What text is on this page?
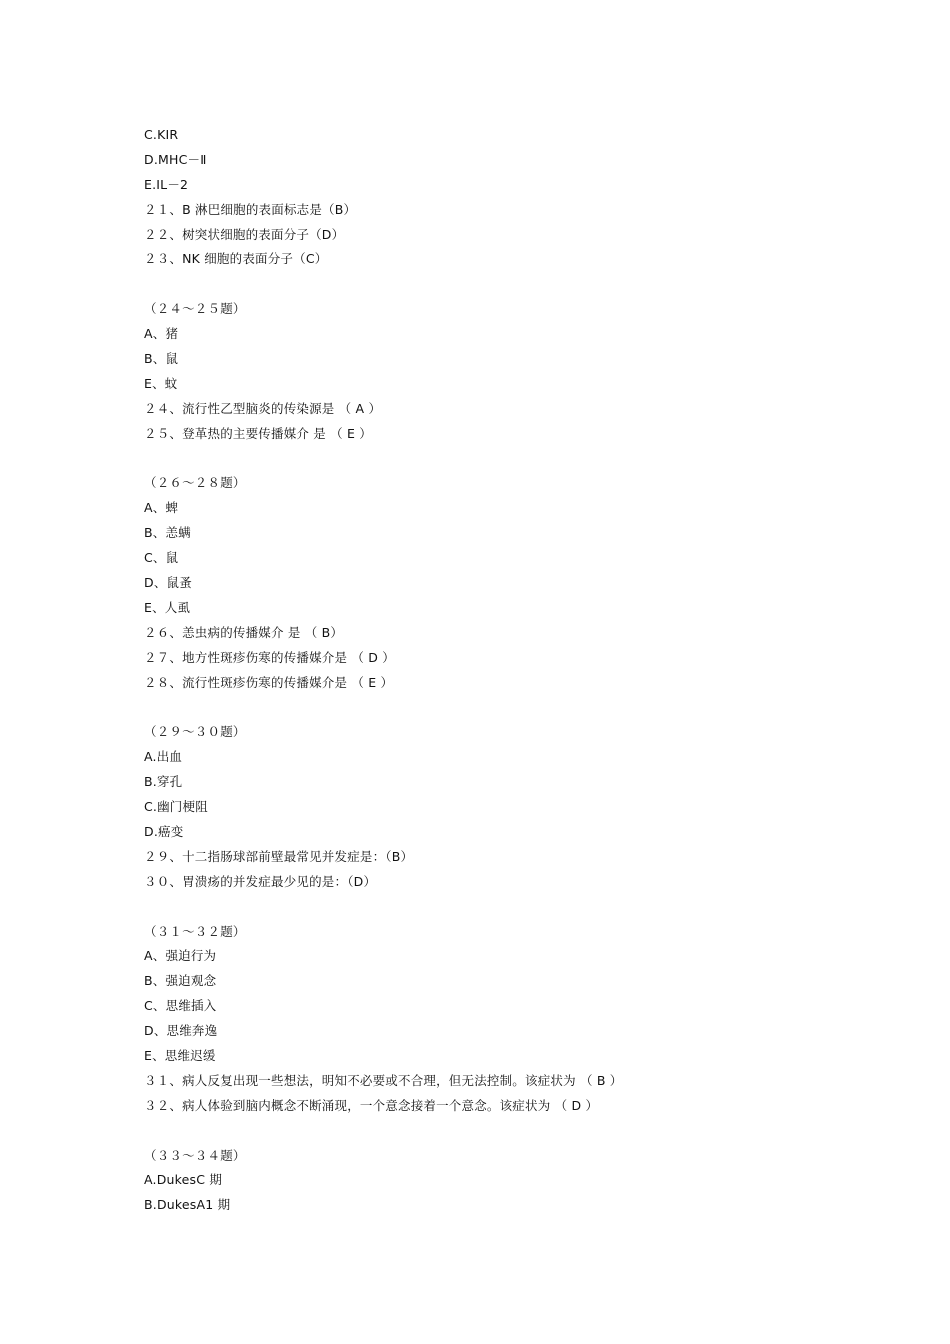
C.KIR
D.MHC－Ⅱ
E.IL－2
２１、B 淋巴细胞的表面标志是（B）
２２、树突状细胞的表面分子（D）
２３、NK 细胞的表面分子（C）
（２４～２５题）
A、猪
B、鼠
E、蚊
２４、流行性乙型脑炎的传染源是 （ A ）
２５、登革热的主要传播媒介 是 （ E ）
（２６～２８题）
A、蜱
B、恙螨
C、鼠
D、鼠蚤
E、人虱
２６、恙虫病的传播媒介 是 （ B）
２７、地方性斑疹伤寒的传播媒介是 （ D ）
２８、流行性斑疹伤寒的传播媒介是 （ E ）
（２９～３０题）
A.出血
B.穿孔
C.幽门梗阻
D.癌变
２９、十二指肠球部前壁最常见并发症是：（B）
３０、胃溃疡的并发症最少见的是：（D）
（３１～３２题）
A、强迫行为
B、强迫观念
C、思维插入
D、思维奔逸
E、思维迟缓
３１、病人反复出现一些想法，明知不必要或不合理，但无法控制。该症状为 （ B ）
３２、病人体验到脑内概念不断涌现，一个意念接着一个意念。该症状为 （ D ）
（３３～３４题）
A.DukesC 期
B.DukesA1 期
